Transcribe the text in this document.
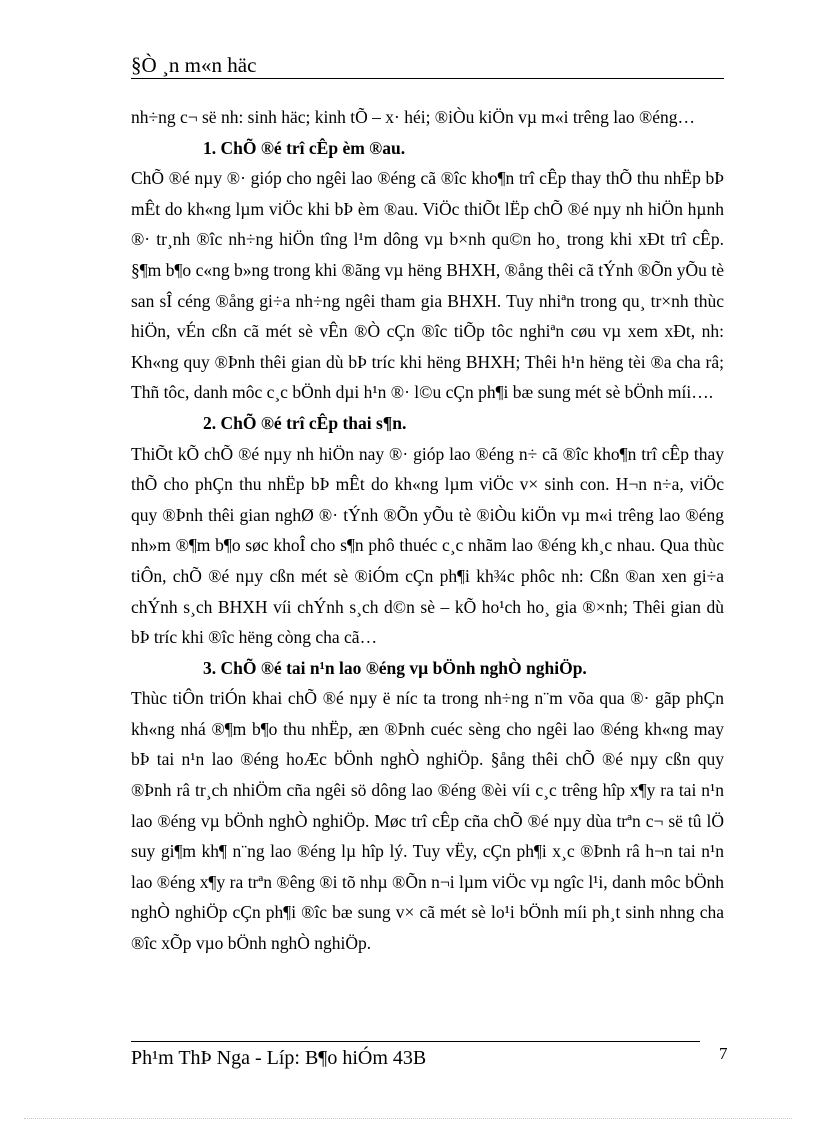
§Ò ¸n m«n häc

nh÷ng c¬ së nh: sinh häc; kinh tÕ – x· héi; ®iÒu kiÖn vµ m«i trêng lao ®éng…

1. ChÕ ®é trî cÊp èm ®au.

ChÕ ®é nµy ®· gióp cho ngêi lao ®éng cã ®îc kho¶n trî cÊp thay thÕ thu nhËp bÞ mÊt do kh«ng lµm viÖc khi bÞ èm ®au. ViÖc thiÕt lËp chÕ ®é nµy nh hiÖn hµnh ®· tr¸nh ®îc nh÷ng hiÖn tîng l¹m dông vµ b×nh qu©n ho¸ trong khi xÐt trî cÊp. §¶m b¶o c«ng b»ng trong khi ®ãng vµ hëng BHXH, ®ång thêi cã tÝnh ®Õn yÕu tè san sÎ céng ®ång gi÷a nh÷ng ngêi tham gia BHXH. Tuy nhiªn trong qu¸ tr×nh thùc hiÖn, vÉn cßn cã mét sè vÊn ®Ò cÇn ®îc tiÕp tôc nghiªn cøu vµ xem xÐt, nh: Kh«ng quy ®Þnh thêi gian dù bÞ tríc khi hëng BHXH; Thêi h¹n hëng tèi ®a cha râ; Thñ tôc, danh môc c¸c bÖnh dµi h¹n ®· l©u cÇn ph¶i bæ sung mét sè bÖnh míi….

2. ChÕ ®é trî cÊp thai s¶n.

ThiÕt kÕ chÕ ®é nµy nh hiÖn nay ®· gióp lao ®éng n÷ cã ®îc kho¶n trî cÊp thay thÕ cho phÇn thu nhËp bÞ mÊt do kh«ng lµm viÖc v× sinh con. H¬n n÷a, viÖc quy ®Þnh thêi gian nghØ ®· tÝnh ®Õn yÕu tè ®iÒu kiÖn vµ m«i trêng lao ®éng nh»m ®¶m b¶o søc khoÎ cho s¶n phô thuéc c¸c nhãm lao ®éng kh¸c nhau. Qua thùc tiÔn, chÕ ®é nµy cßn mét sè ®iÓm cÇn ph¶i kh¾c phôc nh: Cßn ®an xen gi÷a chÝnh s¸ch BHXH víi chÝnh s¸ch d©n sè – kÕ ho¹ch ho¸ gia ®×nh; Thêi gian dù bÞ tríc khi ®îc hëng còng cha cã…

3. ChÕ ®é tai n¹n lao ®éng vµ bÖnh nghÒ nghiÖp.

Thùc tiÔn triÓn khai chÕ ®é nµy ë níc ta trong nh÷ng n¨m võa qua ®· gãp phÇn kh«ng nhá ®¶m b¶o thu nhËp, æn ®Þnh cuéc sèng cho ngêi lao ®éng kh«ng may bÞ tai n¹n lao ®éng hoÆc bÖnh nghÒ nghiÖp. §ång thêi chÕ ®é nµy cßn quy ®Þnh râ tr¸ch nhiÖm cña ngêi sö dông lao ®éng ®èi víi c¸c trêng hîp x¶y ra tai n¹n lao ®éng vµ bÖnh nghÒ nghiÖp. Møc trî cÊp cña chÕ ®é nµy dùa trªn c¬ së tû lÖ suy gi¶m kh¶ n¨ng lao ®éng lµ hîp lý. Tuy vËy, cÇn ph¶i x¸c ®Þnh râ h¬n tai n¹n lao ®éng x¶y ra trªn ®êng ®i tõ nhµ ®Õn n¬i lµm viÖc vµ ngîc l¹i, danh môc bÖnh nghÒ nghiÖp cÇn ph¶i ®îc bæ sung v× cã mét sè lo¹i bÖnh míi ph¸t sinh nhng cha ®îc xÕp vµo bÖnh nghÒ nghiÖp.

Ph¹m ThÞ Nga - Líp: B¶o hiÓm 43B	7
